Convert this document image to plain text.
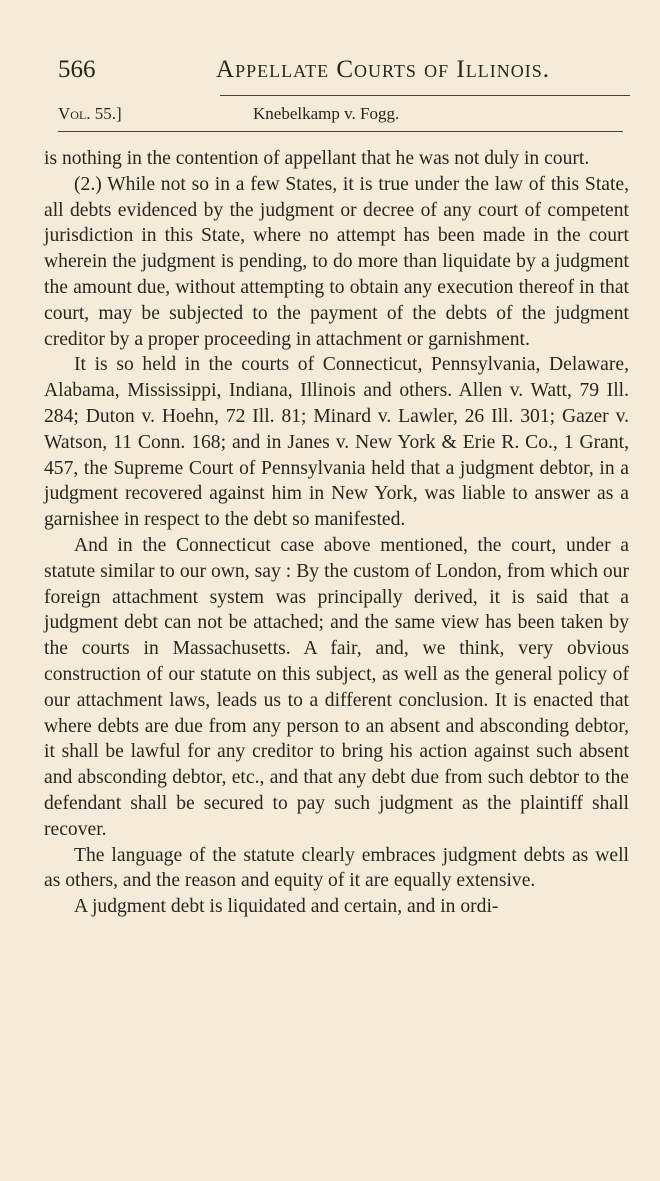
566	Appellate Courts of Illinois.
Vol. 55.]	Knebelkamp v. Fogg.

is nothing in the contention of appellant that he was not duly in court.

(2.) While not so in a few States, it is true under the law of this State, all debts evidenced by the judgment or decree of any court of competent jurisdiction in this State, where no attempt has been made in the court wherein the judgment is pending, to do more than liquidate by a judgment the amount due, without attempting to obtain any execution thereof in that court, may be subjected to the payment of the debts of the judgment creditor by a proper proceeding in attachment or garnishment.

It is so held in the courts of Connecticut, Pennsylvania, Delaware, Alabama, Mississippi, Indiana, Illinois and others. Allen v. Watt, 79 Ill. 284; Duton v. Hoehn, 72 Ill. 81; Minard v. Lawler, 26 Ill. 301; Gazer v. Watson, 11 Conn. 168; and in Janes v. New York & Erie R. Co., 1 Grant, 457, the Supreme Court of Pennsylvania held that a judgment debtor, in a judgment recovered against him in New York, was liable to answer as a garnishee in respect to the debt so manifested.

And in the Connecticut case above mentioned, the court, under a statute similar to our own, say : By the custom of London, from which our foreign attachment system was principally derived, it is said that a judgment debt can not be attached; and the same view has been taken by the courts in Massachusetts. A fair, and, we think, very obvious construction of our statute on this subject, as well as the general policy of our attachment laws, leads us to a different conclusion. It is enacted that where debts are due from any person to an absent and absconding debtor, it shall be lawful for any creditor to bring his action against such absent and absconding debtor, etc., and that any debt due from such debtor to the defendant shall be secured to pay such judgment as the plaintiff shall recover.

The language of the statute clearly embraces judgment debts as well as others, and the reason and equity of it are equally extensive.

A judgment debt is liquidated and certain, and in ordi-
